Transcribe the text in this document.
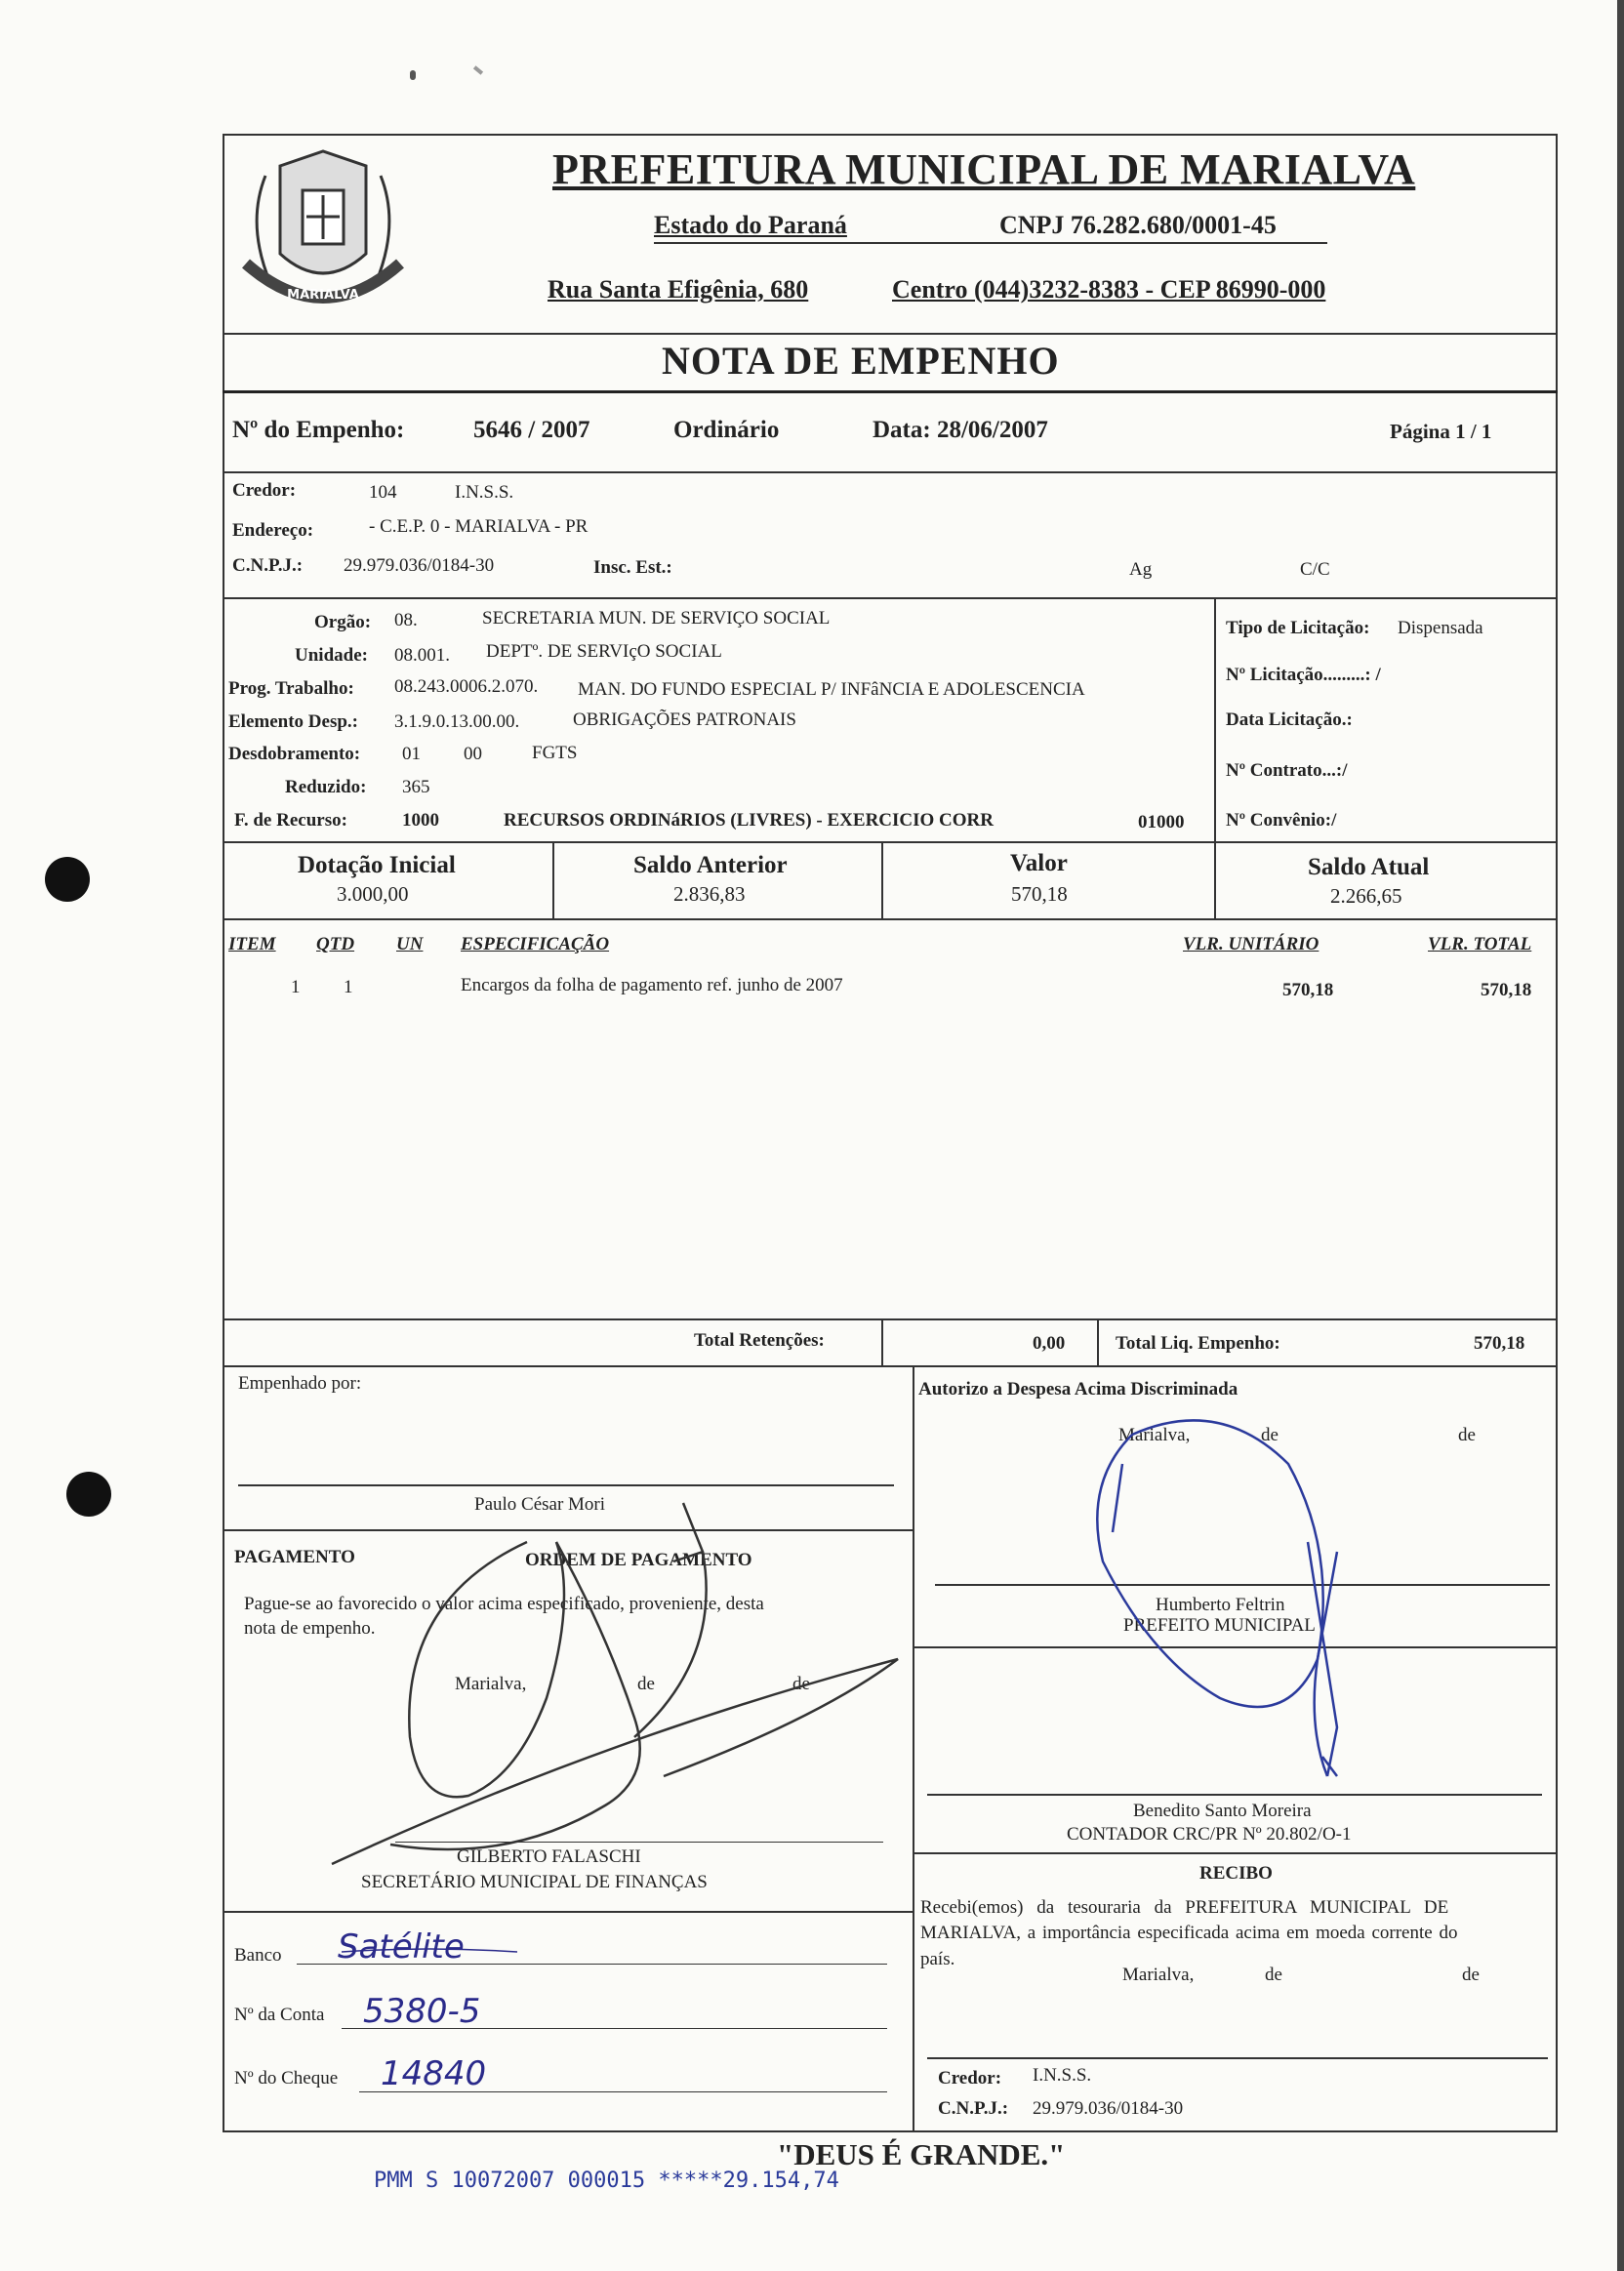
MARIALVA
PREFEITURA MUNICIPAL DE MARIALVA
Estado do Paraná	CNPJ 76.282.680/0001-45
Rua Santa Efigênia, 680	Centro (044)3232-8383 - CEP 86990-000
NOTA DE EMPENHO
Nº do Empenho:	5646 / 2007	Ordinário	Data: 28/06/2007	Página 1 / 1
Credor:	104	I.N.S.S.
Endereço:	- C.E.P. 0 - MARIALVA - PR
C.N.P.J.: 29.979.036/0184-30	Insc. Est.:	Ag	C/C
Orgão: 08.	SECRETARIA MUN. DE SERVIÇO SOCIAL
Unidade: 08.001. DEPTº. DE SERVIçO SOCIAL
Prog. Trabalho: 08.243.0006.2.070. MAN. DO FUNDO ESPECIAL P/ INFâNCIA E ADOLESCENCIA
Elemento Desp.: 3.1.9.0.13.00.00.	OBRIGAÇÕES PATRONAIS
Desdobramento: 01 00	FGTS
Reduzido: 365
F. de Recurso:	1000	RECURSOS ORDINáRIOS (LIVRES) - EXERCICIO CORR	01000
Tipo de Licitação: Dispensada
Nº Licitação.........: /
Data Licitação.:
Nº Contrato...:/
Nº Convênio:/
Dotação Inicial
3.000,00
Saldo Anterior
2.836,83
Valor
570,18
Saldo Atual
2.266,65
ITEM QTD UN ESPECIFICAÇÃO	VLR. UNITÁRIO	VLR. TOTAL
1 1	Encargos da folha de pagamento ref. junho de 2007	570,18	570,18
Total Retenções:	0,00	Total Liq. Empenho:	570,18
Empenhado por:
Paulo César Mori
PAGAMENTO	ORDEM DE PAGAMENTO
Pague-se ao favorecido o valor acima especificado, proveniente, desta
nota de empenho.
Marialva,	de	de
GILBERTO FALASCHI
SECRETÁRIO MUNICIPAL DE FINANÇAS
Banco Satélite
Nº da Conta 5380-5
Nº do Cheque 14840
Autorizo a Despesa Acima Discriminada
Marialva,	de	de
Humberto Feltrin
PREFEITO MUNICIPAL
Benedito Santo Moreira
CONTADOR CRC/PR Nº 20.802/O-1
RECIBO
Recebi(emos) da tesouraria da PREFEITURA MUNICIPAL DE
MARIALVA, a importância especificada acima em moeda corrente do
país.
Marialva,	de	de
Credor: I.N.S.S.
C.N.P.J.: 29.979.036/0184-30
"DEUS É GRANDE."
PMM S 10072007 000015 *****29.154,74
